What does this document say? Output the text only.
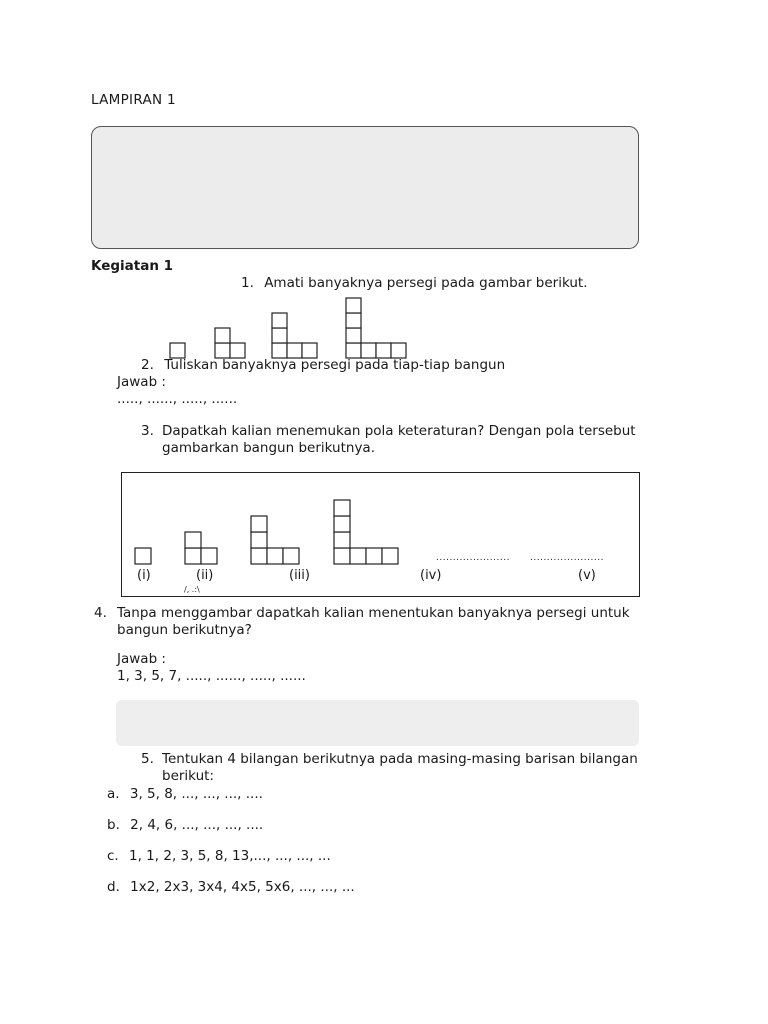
LAMPIRAN 1
Kegiatan 1
1. Amati banyaknya persegi pada gambar berikut.
2. Tuliskan banyaknya persegi pada tiap-tiap bangun
Jawab :
....., ......, ....., ......
3. Dapatkah kalian menemukan pola keteraturan? Dengan pola tersebut
gambarkan bangun berikutnya.
(i)	(ii)	(iii)	(iv)	(v)
...................... ......................
/, .:\
4. Tanpa menggambar dapatkah kalian menentukan banyaknya persegi untuk
bangun berikutnya?
Jawab :
1, 3, 5, 7, ....., ......, ....., ......
5. Tentukan 4 bilangan berikutnya pada masing-masing barisan bilangan
berikut:
a. 3, 5, 8, ..., ..., ..., ....
b. 2, 4, 6, ..., ..., ..., ....
c. 1, 1, 2, 3, 5, 8, 13,..., ..., ..., ...
d. 1x2, 2x3, 3x4, 4x5, 5x6, ..., ..., ...
